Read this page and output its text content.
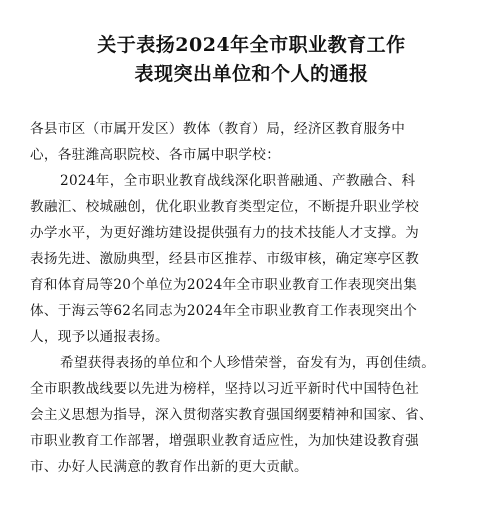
关于表扬2024年全市职业教育工作
表现突出单位和个人的通报
各县市区（市属开发区）教体（教育）局，经济区教育服务中
心，各驻潍高职院校、各市属中职学校：
2024年，全市职业教育战线深化职普融通、产教融合、科
教融汇、校城融创，优化职业教育类型定位，不断提升职业学校
办学水平，为更好潍坊建设提供强有力的技术技能人才支撑。为
表扬先进、激励典型，经县市区推荐、市级审核，确定寒亭区教
育和体育局等20个单位为2024年全市职业教育工作表现突出集
体、于海云等62名同志为2024年全市职业教育工作表现突出个
人，现予以通报表扬。
希望获得表扬的单位和个人珍惜荣誉，奋发有为，再创佳绩。
全市职教战线要以先进为榜样，坚持以习近平新时代中国特色社
会主义思想为指导，深入贯彻落实教育强国纲要精神和国家、省、
市职业教育工作部署，增强职业教育适应性，为加快建设教育强
市、办好人民满意的教育作出新的更大贡献。
